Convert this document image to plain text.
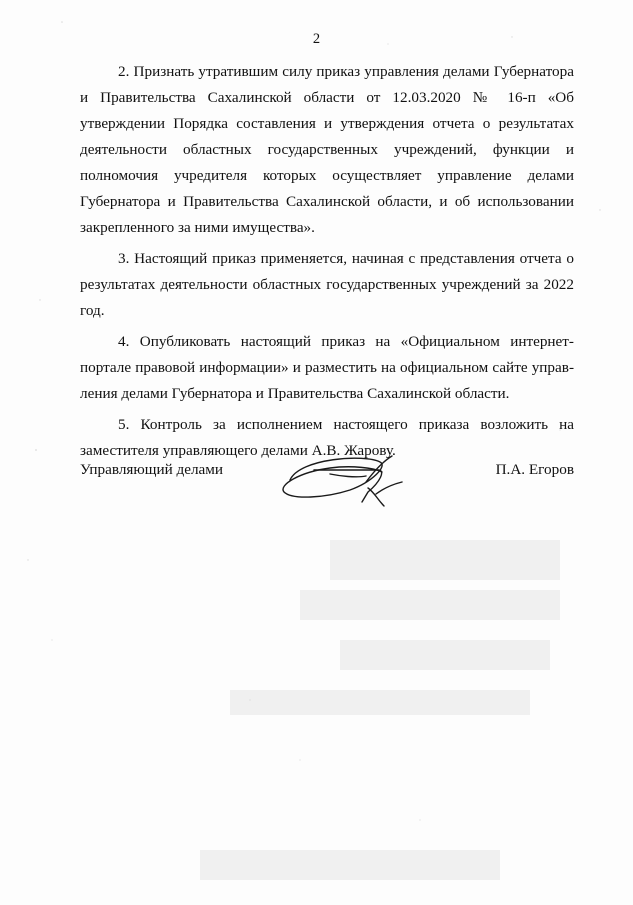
2

2. Признать утратившим силу приказ управления делами Губернатора и Правительства Сахалинской области от 12.03.2020 № 16-п «Об утверждении Порядка составления и утверждения отчета о результатах деятельности областных государственных учреждений, функции и полномочия учредителя которых осуществляет управление делами Губернатора и Правительства Сахалинской области, и об использовании закрепленного за ними имущества».

3. Настоящий приказ применяется, начиная с представления отчета о результатах деятельности областных государственных учреждений за 2022 год.

4. Опубликовать настоящий приказ на «Официальном интернет-портале правовой информации» и разместить на официальном сайте управления делами Губернатора и Правительства Сахалинской области.

5. Контроль за исполнением настоящего приказа возложить на заместителя управляющего делами А.В. Жарову.

Управляющий делами	П.А. Егоров
